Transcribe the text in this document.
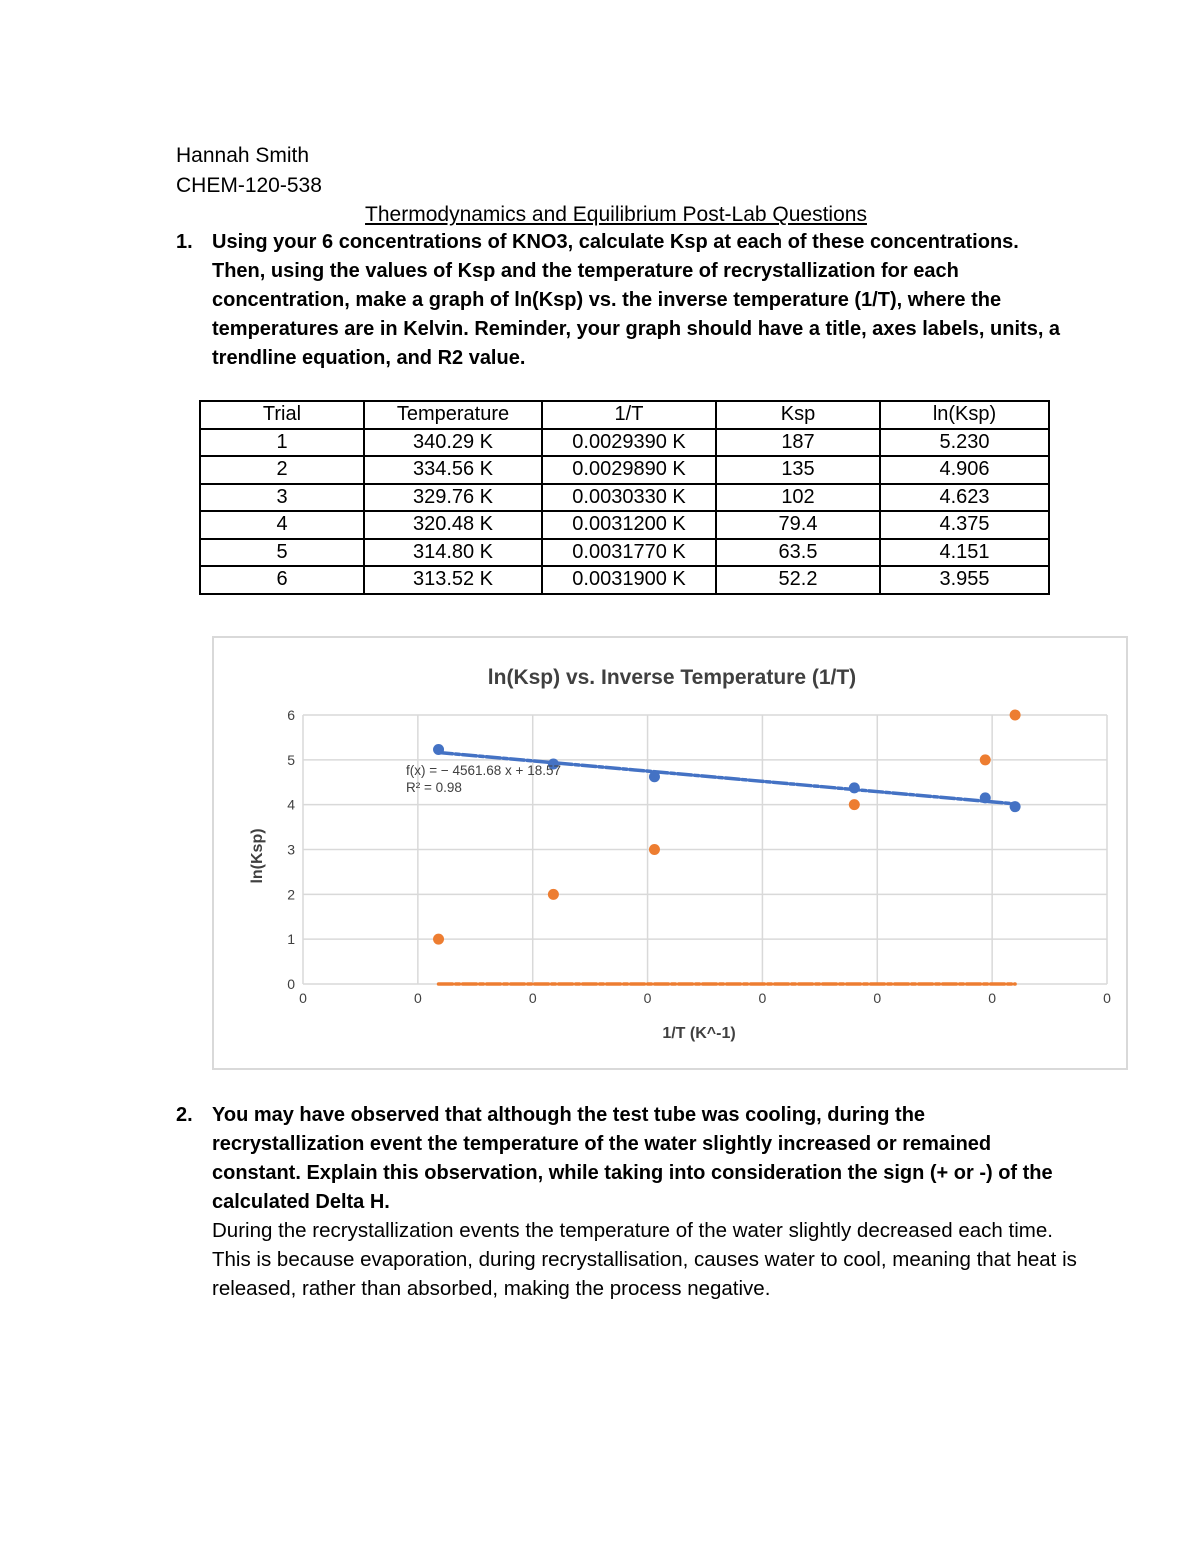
Hannah Smith
CHEM-120-538
Thermodynamics and Equilibrium Post-Lab Questions
1. Using your 6 concentrations of KNO3, calculate Ksp at each of these concentrations. Then, using the values of Ksp and the temperature of recrystallization for each concentration, make a graph of ln(Ksp) vs. the inverse temperature (1/T), where the temperatures are in Kelvin. Reminder, your graph should have a title, axes labels, units, a trendline equation, and R2 value.
Trial	Temperature	1/T	Ksp	ln(Ksp)
1	340.29 K	0.0029390 K	187	5.230
2	334.56 K	0.0029890 K	135	4.906
3	329.76 K	0.0030330 K	102	4.623
4	320.48 K	0.0031200 K	79.4	4.375
5	314.80 K	0.0031770 K	63.5	4.151
6	313.52 K	0.0031900 K	52.2	3.955
0
1
2
3
4
5
6
0	0	0	0	0	0	0	0
ln(Ksp) vs. Inverse Temperature (1/T)
ln(Ksp)
1/T (K^-1)
f(x) = − 4561.68 x + 18.57
R² = 0.98
2. You may have observed that although the test tube was cooling, during the recrystallization event the temperature of the water slightly increased or remained constant. Explain this observation, while taking into consideration the sign (+ or -) of the calculated Delta H.
During the recrystallization events the temperature of the water slightly decreased each time. This is because evaporation, during recrystallisation, causes water to cool, meaning that heat is released, rather than absorbed, making the process negative.
